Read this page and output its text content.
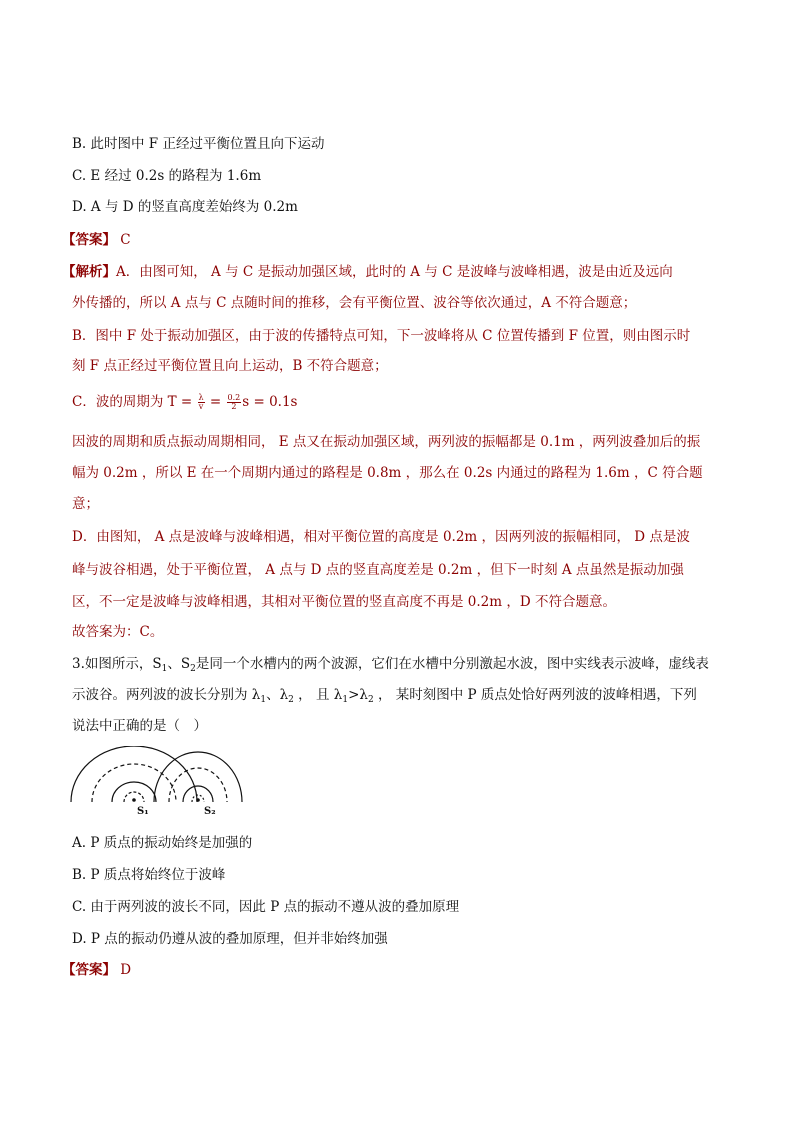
B. 此时图中 F 正经过平衡位置且向下运动
C. E 经过 0.2s 的路程为 1.6m
D. A 与 D 的竖直高度差始终为 0.2m
【答案】 C
【解析】A．由图可知， A 与 C 是振动加强区域，此时的 A 与 C 是波峰与波峰相遇，波是由近及远向
外传播的，所以 A 点与 C 点随时间的推移，会有平衡位置、波谷等依次通过，A 不符合题意；
B．图中 F 处于振动加强区，由于波的传播特点可知，下一波峰将从 C 位置传播到 F 位置，则由图示时
刻 F 点正经过平衡位置且向上运动，B 不符合题意；
C．波的周期为 $T = \frac{\lambda}{v} = \frac{0.2}{2}$ s = 0.1s
因波的周期和质点振动周期相同， E 点又在振动加强区域，两列波的振幅都是 0.1m ，两列波叠加后的振
幅为 0.2m ，所以 E 在一个周期内通过的路程是 0.8m ，那么在 0.2s 内通过的路程为 1.6m ，C 符合题
意；
D．由图知， A 点是波峰与波峰相遇，相对平衡位置的高度是 0.2m ，因两列波的振幅相同， D 点是波
峰与波谷相遇，处于平衡位置， A 点与 D 点的竖直高度差是 0.2m ，但下一时刻 A 点虽然是振动加强
区，不一定是波峰与波峰相遇，其相对平衡位置的竖直高度不再是 0.2m ，D 不符合题意。
故答案为：C。
3.如图所示，$S_1$、$S_2$是同一个水槽内的两个波源，它们在水槽中分别激起水波，图中实线表示波峰，虚线表
示波谷。两列波的波长分别为 $\lambda_1$、$\lambda_2$ ， 且 $\lambda_1>\lambda_2$ ， 某时刻图中 P 质点处恰好两列波的波峰相遇，下列
说法中正确的是（　）
S₁	S₂
A. P 质点的振动始终是加强的
B. P 质点将始终位于波峰
C. 由于两列波的波长不同，因此 P 点的振动不遵从波的叠加原理
D. P 点的振动仍遵从波的叠加原理，但并非始终加强
【答案】 D
